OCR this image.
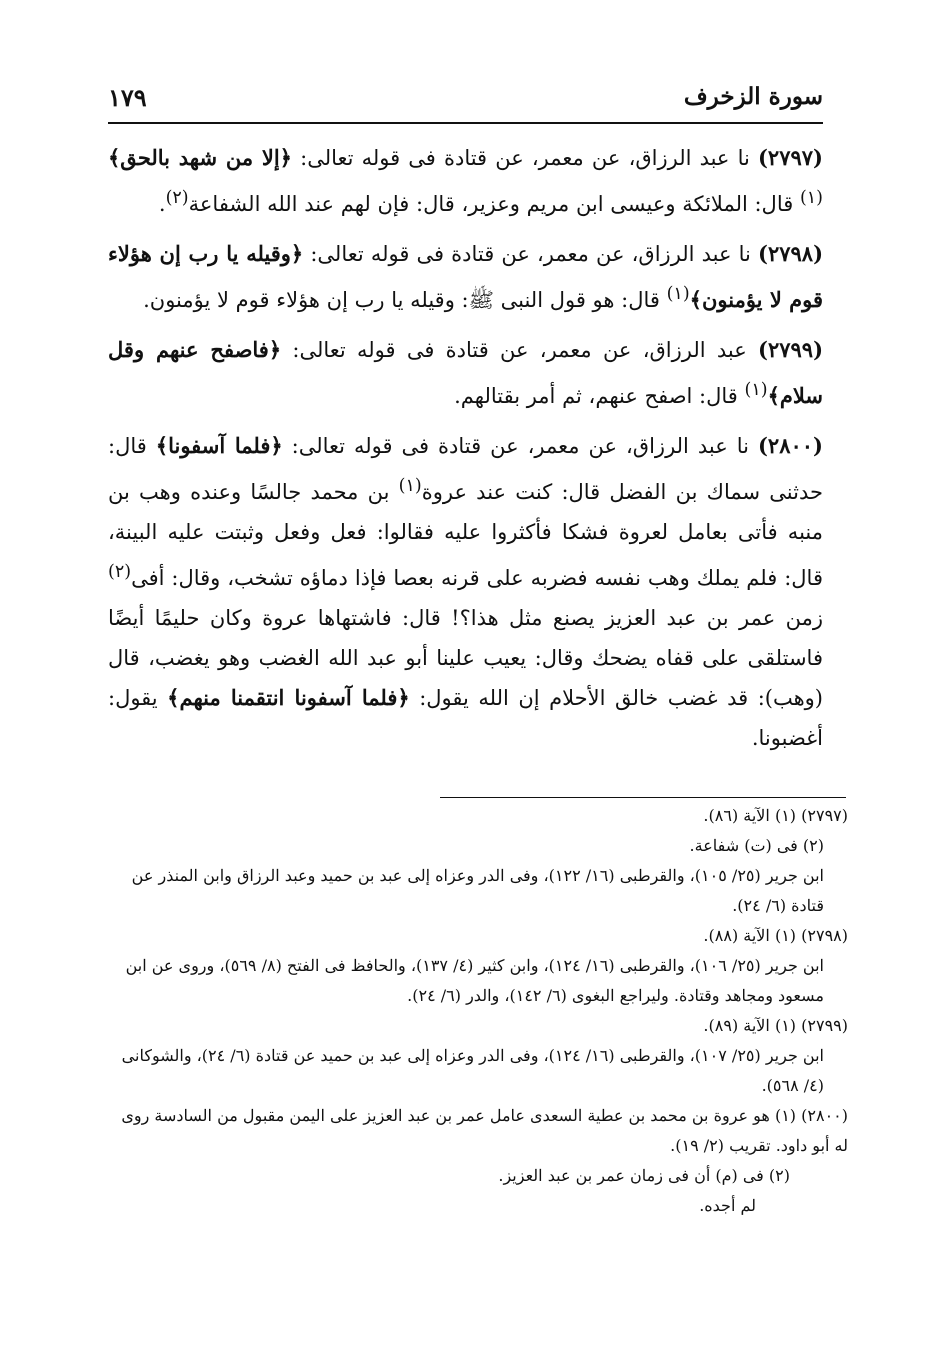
سورة الزخرف
١٧٩

(٢٧٩٧) نا عبد الرزاق، عن معمر، عن قتادة فى قوله تعالى: ﴿إلا من شهد بالحق﴾$^{(١)}$ قال: الملائكة وعيسى ابن مريم وعزير، قال: فإن لهم عند الله الشفاعة$^{(٢)}$.

(٢٧٩٨) نا عبد الرزاق، عن معمر، عن قتادة فى قوله تعالى: ﴿وقيله يا رب إن هؤلاء قوم لا يؤمنون﴾$^{(١)}$ قال: هو قول النبى ﷺ: وقيله يا رب إن هؤلاء قوم لا يؤمنون.

(٢٧٩٩) عبد الرزاق، عن معمر، عن قتادة فى قوله تعالى: ﴿فاصفح عنهم وقل سلام﴾$^{(١)}$ قال: اصفح عنهم، ثم أمر بقتالهم.

(٢٨٠٠) نا عبد الرزاق، عن معمر، عن قتادة فى قوله تعالى: ﴿فلما آسفونا﴾ قال: حدثنى سماك بن الفضل قال: كنت عند عروة$^{(١)}$ بن محمد جالسًا وعنده وهب بن منبه فأتى بعامل لعروة فشكا فأكثروا عليه فقالوا: فعل وفعل وثبتت عليه البينة، قال: فلم يملك وهب نفسه فضربه على قرنه بعصا فإذا دماؤه تشخب، وقال: أفى$^{(٢)}$ زمن عمر بن عبد العزيز يصنع مثل هذا؟! قال: فاشتهاها عروة وكان حليمًا أيضًا فاستلقى على قفاه يضحك وقال: يعيب علينا أبو عبد الله الغضب وهو يغضب، قال (وهب): قد غضب خالق الأحلام إن الله يقول: ﴿فلما آسفونا انتقمنا منهم﴾ يقول: أغضبونا.

(٢٧٩٧) (١) الآية (٨٦).

(٢) فى (ت) شفاعة.

ابن جرير (٢٥/ ١٠٥)، والقرطبى (١٦/ ١٢٢)، وفى الدر وعزاه إلى عبد بن حميد وعبد الرزاق وابن المنذر عن قتادة (٦/ ٢٤).

(٢٧٩٨) (١) الآية (٨٨).

ابن جرير (٢٥/ ١٠٦)، والقرطبى (١٦/ ١٢٤)، وابن كثير (٤/ ١٣٧)، والحافظ فى الفتح (٨/ ٥٦٩)، وروى عن ابن مسعود ومجاهد وقتادة. وليراجع البغوى (٦/ ١٤٢)، والدر (٦/ ٢٤).

(٢٧٩٩) (١) الآية (٨٩).

ابن جرير (٢٥/ ١٠٧)، والقرطبى (١٦/ ١٢٤)، وفى الدر وعزاه إلى عبد بن حميد عن قتادة (٦/ ٢٤)، والشوكانى (٤/ ٥٦٨).

(٢٨٠٠) (١) هو عروة بن محمد بن عطية السعدى عامل عمر بن عبد العزيز على اليمن مقبول من السادسة روى له أبو داود. تقريب (٢/ ١٩).

(٢) فى (م) أن فى زمان عمر بن عبد العزيز.

لم أجده.
